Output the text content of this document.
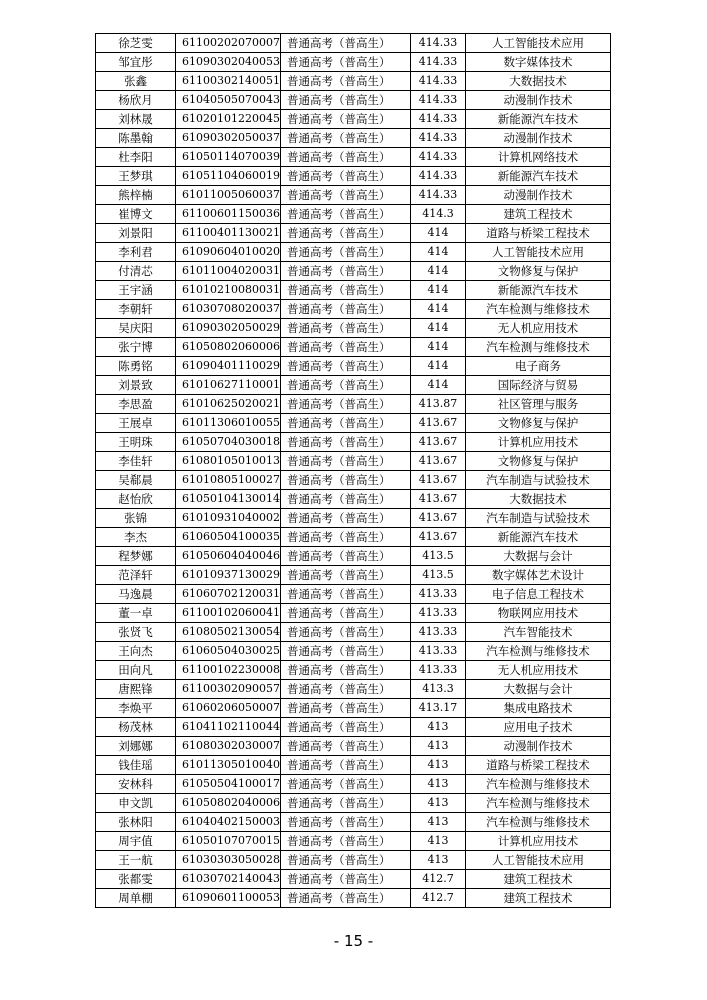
徐芝雯	61100202070007	普通高考（普高生）	414.33	人工智能技术应用
邹宜彤	61090302040053	普通高考（普高生）	414.33	数字媒体技术
张鑫	61100302140051	普通高考（普高生）	414.33	大数据技术
杨欣月	61040505070043	普通高考（普高生）	414.33	动漫制作技术
刘林晟	61020101220045	普通高考（普高生）	414.33	新能源汽车技术
陈墨翰	61090302050037	普通高考（普高生）	414.33	动漫制作技术
杜李阳	61050114070039	普通高考（普高生）	414.33	计算机网络技术
王梦琪	61051104060019	普通高考（普高生）	414.33	新能源汽车技术
熊梓楠	61011005060037	普通高考（普高生）	414.33	动漫制作技术
崔博文	61100601150036	普通高考（普高生）	414.3	建筑工程技术
刘景阳	61100401130021	普通高考（普高生）	414	道路与桥梁工程技术
李利君	61090604010020	普通高考（普高生）	414	人工智能技术应用
付清芯	61011004020031	普通高考（普高生）	414	文物修复与保护
王宇涵	61010210080031	普通高考（普高生）	414	新能源汽车技术
李朝轩	61030708020037	普通高考（普高生）	414	汽车检测与维修技术
吴庆阳	61090302050029	普通高考（普高生）	414	无人机应用技术
张宁博	61050802060006	普通高考（普高生）	414	汽车检测与维修技术
陈勇铭	61090401110029	普通高考（普高生）	414	电子商务
刘景致	61010627110001	普通高考（普高生）	414	国际经济与贸易
李思盈	61010625020021	普通高考（普高生）	413.87	社区管理与服务
王展卓	61011306010055	普通高考（普高生）	413.67	文物修复与保护
王明珠	61050704030018	普通高考（普高生）	413.67	计算机应用技术
李佳轩	61080105010013	普通高考（普高生）	413.67	文物修复与保护
吴郗晨	61010805100027	普通高考（普高生）	413.67	汽车制造与试验技术
赵怡欣	61050104130014	普通高考（普高生）	413.67	大数据技术
张锦	61010931040002	普通高考（普高生）	413.67	汽车制造与试验技术
李杰	61060504100035	普通高考（普高生）	413.67	新能源汽车技术
程梦娜	61050604040046	普通高考（普高生）	413.5	大数据与会计
范泽轩	61010937130029	普通高考（普高生）	413.5	数字媒体艺术设计
马逸晨	61060702120031	普通高考（普高生）	413.33	电子信息工程技术
董一卓	61100102060041	普通高考（普高生）	413.33	物联网应用技术
张贤飞	61080502130054	普通高考（普高生）	413.33	汽车智能技术
王向杰	61060504030025	普通高考（普高生）	413.33	汽车检测与维修技术
田向凡	61100102230008	普通高考（普高生）	413.33	无人机应用技术
唐熙锋	61100302090057	普通高考（普高生）	413.3	大数据与会计
李焕平	61060206050007	普通高考（普高生）	413.17	集成电路技术
杨茂林	61041102110044	普通高考（普高生）	413	应用电子技术
刘娜娜	61080302030007	普通高考（普高生）	413	动漫制作技术
钱佳瑶	61011305010040	普通高考（普高生）	413	道路与桥梁工程技术
安林科	61050504100017	普通高考（普高生）	413	汽车检测与维修技术
申文凯	61050802040006	普通高考（普高生）	413	汽车检测与维修技术
张林阳	61040402150003	普通高考（普高生）	413	汽车检测与维修技术
周宇值	61050107070015	普通高考（普高生）	413	计算机应用技术
王一航	61030303050028	普通高考（普高生）	413	人工智能技术应用
张都雯	61030702140043	普通高考（普高生）	412.7	建筑工程技术
周单棚	61090601100053	普通高考（普高生）	412.7	建筑工程技术
- 15 -
